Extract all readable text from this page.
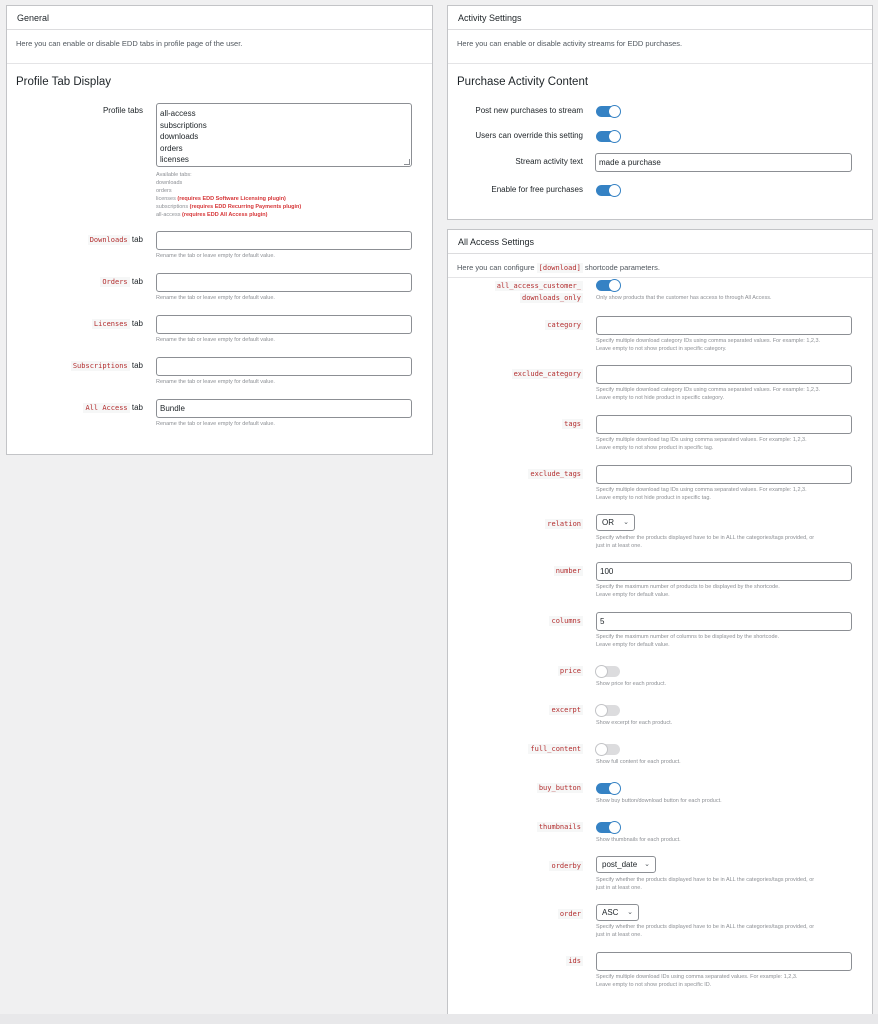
General
Here you can enable or disable EDD tabs in profile page of the user.
Profile Tab Display
Profile tabs all-access
subscriptions
downloads
orders
licenses
Available tabs:
downloads
orders
licenses (requires EDD Software Licensing plugin)
subscriptions (requires EDD Recurring Payments plugin)
all-access (requires EDD All Access plugin)
Downloads tab
Rename the tab or leave empty for default value.
Orders tab
Rename the tab or leave empty for default value.
Licenses tab
Rename the tab or leave empty for default value.
Subscriptions tab
Rename the tab or leave empty for default value.
All Access tab	Bundle
Rename the tab or leave empty for default value.
Activity Settings
Here you can enable or disable activity streams for EDD purchases.
Purchase Activity Content
Post new purchases to stream
Users can override this setting
Stream activity text	made a purchase
Enable for free purchases
All Access Settings
Here you can configure [download] shortcode parameters.
all_access_customer_
downloads_only	Only show products that the customer has access to through All Access.
category
Specify multiple download category IDs using comma separated values. For example: 1,2,3.
Leave empty to not show product in specific category.
exclude_category
Specify multiple download category IDs using comma separated values. For example: 1,2,3.
Leave empty to not hide product in specific category.
tags
Specify multiple download tag IDs using comma separated values. For example: 1,2,3.
Leave empty to not show product in specific tag.
exclude_tags
Specify multiple download tag IDs using comma separated values. For example: 1,2,3.
Leave empty to not hide product in specific tag.
relation	OR ⌄
Specify whether the products displayed have to be in ALL the categories/tags provided, or
just in at least one.
number	100
Specify the maximum number of products to be displayed by the shortcode.
Leave empty for default value.
columns	5
Specify the maximum number of columns to be displayed by the shortcode.
Leave empty for default value.
price
Show price for each product.
excerpt
Show excerpt for each product.
full_content
Show full content for each product.
buy_button
Show buy button/download button for each product.
thumbnails
Show thumbnails for each product.
orderby	post_date ⌄
Specify whether the products displayed have to be in ALL the categories/tags provided, or
just in at least one.
order	ASC ⌄
Specify whether the products displayed have to be in ALL the categories/tags provided, or
just in at least one.
ids
Specify multiple download IDs using comma separated values. For example: 1,2,3.
Leave empty to not show product in specific ID.
